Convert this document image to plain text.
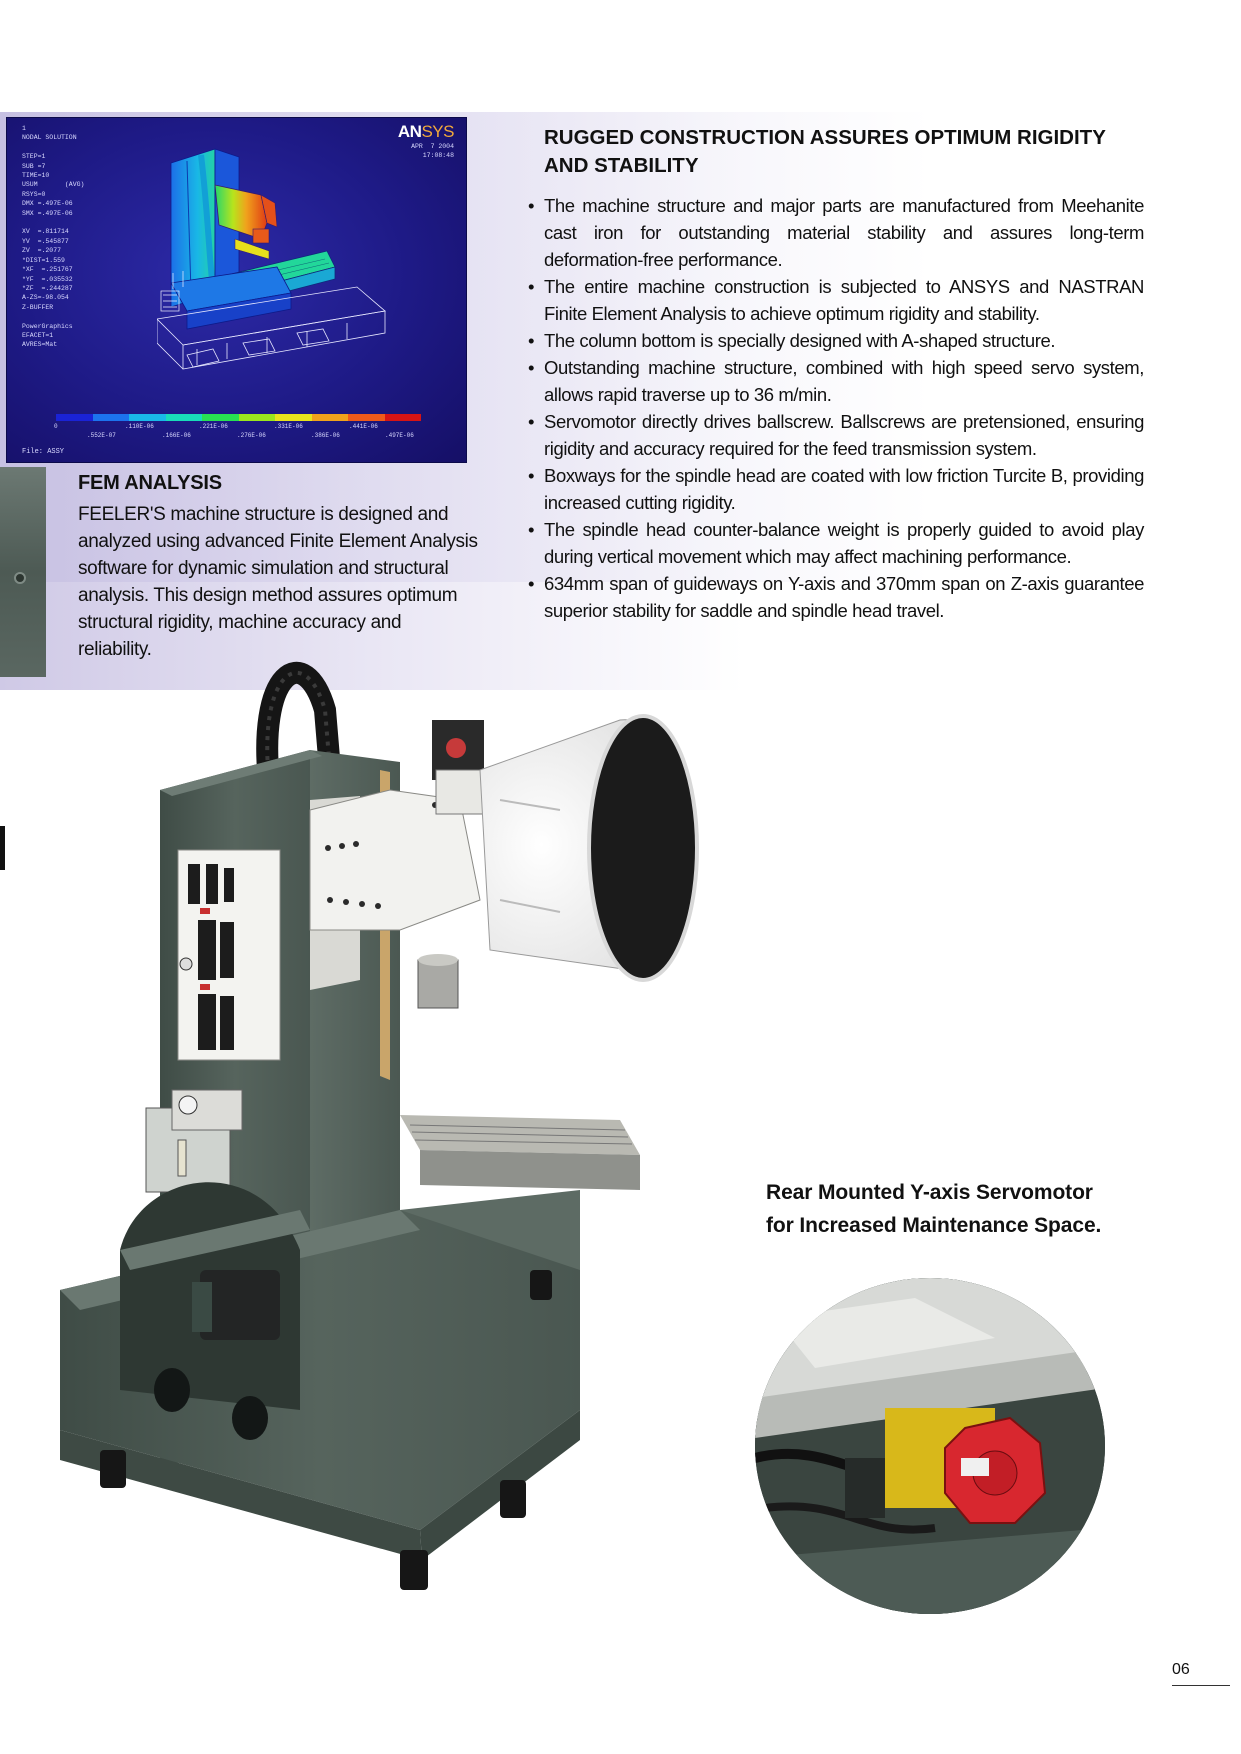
1
NODAL SOLUTION

STEP=1
SUB =7
TIME=10
USUM       (AVG)
RSYS=0
DMX =.497E-06
SMX =.497E-06

XV  =.811714
YV  =.545877
ZV  =.2077
*DIST=1.559
*XF  =.251767
*YF  =.035532
*ZF  =.244287
A-ZS=-98.054
Z-BUFFER

PowerGraphics
EFACET=1
AVRES=Mat
ANSYS
APR  7 2004
17:08:48
0
.552E-07
.110E-06
.166E-06
.221E-06
.276E-06
.331E-06
.386E-06
.441E-06
.497E-06
File: ASSY
FEM ANALYSIS

FEELER'S machine structure is designed and analyzed using advanced Finite Element Analysis software for dynamic simulation and structural analysis. This design method assures optimum structural rigidity, machine accuracy and reliability.

RUGGED CONSTRUCTION ASSURES OPTIMUM RIGIDITY AND STABILITY
• The machine structure and major parts are manufactured from Meehanite cast iron for outstanding material stability and assures long-term deformation-free performance.
• The entire machine construction is subjected to ANSYS and NASTRAN Finite Element Analysis to achieve optimum rigidity and stability.
• The column bottom is specially designed with A-shaped structure.
• Outstanding machine structure, combined with high speed servo system, allows rapid traverse up to 36 m/min.
• Servomotor directly drives ballscrew. Ballscrews are pretensioned, ensuring rigidity and accuracy required for the feed transmission system.
• Boxways for the spindle head are coated with low friction Turcite B, providing increased cutting rigidity.
• The spindle head counter-balance weight is properly guided to avoid play during vertical movement which may affect machining performance.
• 634mm span of guideways on Y-axis and 370mm span on Z-axis guarantee superior stability for saddle and spindle head travel.
Rear Mounted Y-axis Servomotor
for Increased Maintenance Space.
06
